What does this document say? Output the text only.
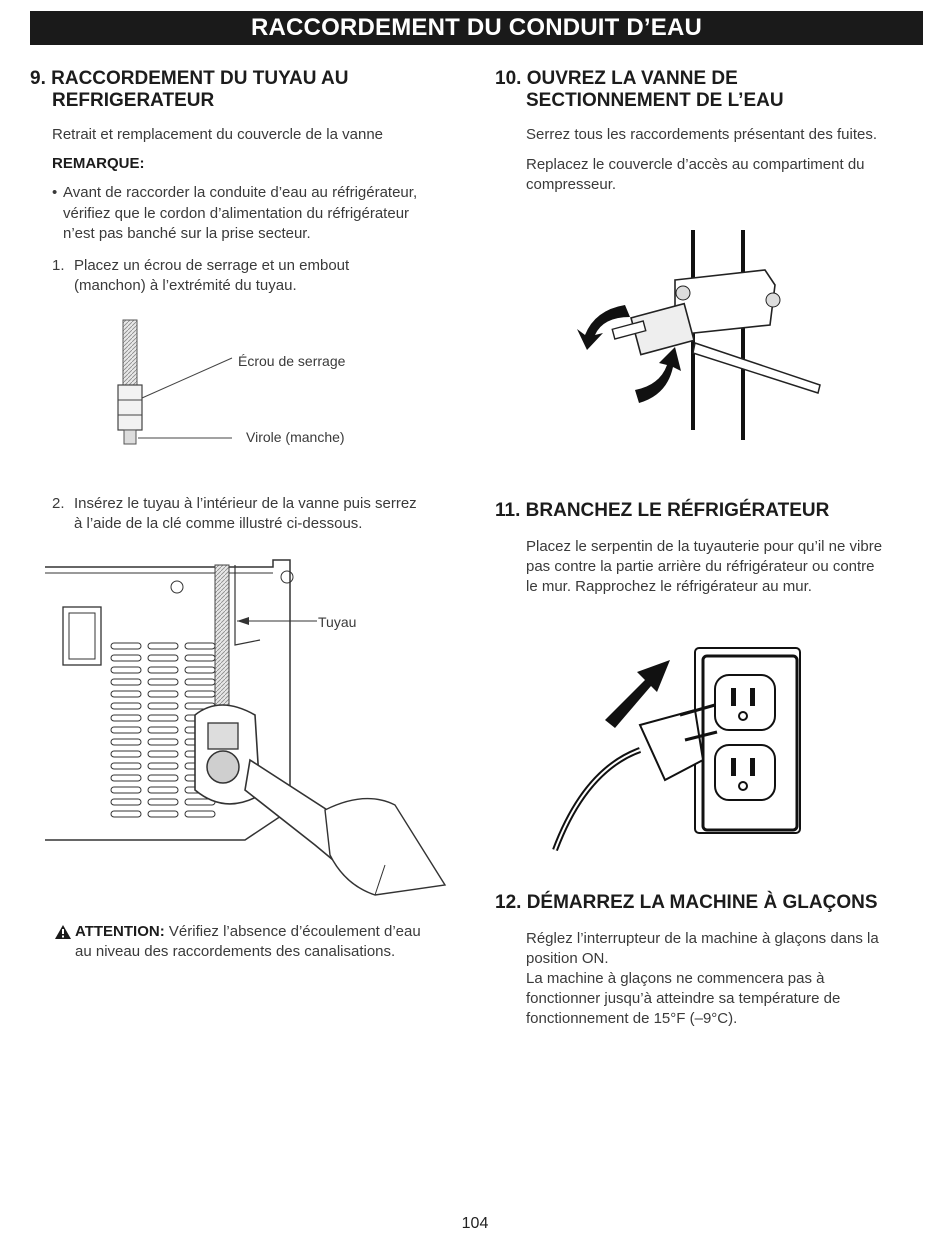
RACCORDEMENT DU CONDUIT D’EAU
9. RACCORDEMENT DU TUYAU AU
REFRIGERATEUR

Retrait et remplacement du couvercle de la vanne

REMARQUE:

• Avant de raccorder la conduite d’eau au réfrigérateur,

vérifiez que le cordon d’alimentation du réfrigérateur

n’est pas banché sur la prise secteur.

1. Placez un écrou de serrage et un embout

(manchon) à l’extrémité du tuyau.

Écrou de serrage
Virole (manche)
2. Insérez le tuyau à l’intérieur de la vanne puis serrez

à l’aide de la clé comme illustré ci-dessous.

Tuyau

ATTENTION: Vérifiez l’absence d’écoulement d’eau

au niveau des raccordements des canalisations.

10. OUVREZ LA VANNE DE
SECTIONNEMENT DE L’EAU

Serrez tous les raccordements présentant des fuites.

Replacez le couvercle d’accès au compartiment du

compresseur.

11. BRANCHEZ LE RÉFRIGÉRATEUR

Placez le serpentin de la tuyauterie pour qu’il ne vibre

pas contre la partie arrière du réfrigérateur ou contre

le mur. Rapprochez le réfrigérateur au mur.

12. DÉMARREZ LA MACHINE À GLAÇONS

Réglez l’interrupteur de la machine à glaçons dans la

position ON.

La machine à glaçons ne commencera pas à

fonctionner jusqu’à atteindre sa température de

fonctionnement de 15°F (–9°C).

104
